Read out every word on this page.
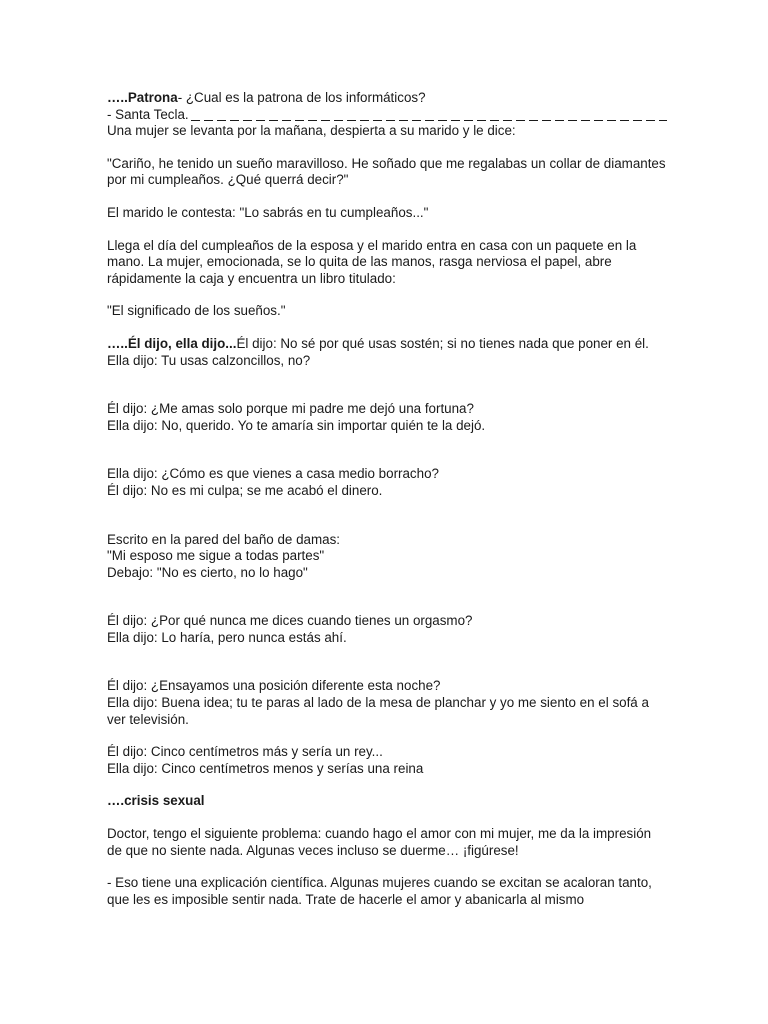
…..Patrona- ¿Cual es la patrona de los informáticos?

- Santa Tecla.

Una mujer se levanta por la mañana, despierta a su marido y le dice:

"Cariño, he tenido un sueño maravilloso. He soñado que me regalabas un collar de diamantes por mi cumpleaños. ¿Qué querrá decir?"

El marido le contesta: "Lo sabrás en tu cumpleaños..."

Llega el día del cumpleaños de la esposa y el marido entra en casa con un paquete en la mano. La mujer, emocionada, se lo quita de las manos, rasga nerviosa el papel, abre rápidamente la caja y encuentra un libro titulado:

"El significado de los sueños."

…..Él dijo, ella dijo...Él dijo: No sé por qué usas sostén; si no tienes nada que poner en él.

Ella dijo: Tu usas calzoncillos, no?

Él dijo: ¿Me amas solo porque mi padre me dejó una fortuna?

Ella dijo: No, querido. Yo te amaría sin importar quién te la dejó.

Ella dijo: ¿Cómo es que vienes a casa medio borracho?

Él dijo: No es mi culpa; se me acabó el dinero.

Escrito en la pared del baño de damas:

"Mi esposo me sigue a todas partes"

Debajo: "No es cierto, no lo hago"

Él dijo: ¿Por qué nunca me dices cuando tienes un orgasmo?

Ella dijo: Lo haría, pero nunca estás ahí.

Él dijo: ¿Ensayamos una posición diferente esta noche?

Ella dijo: Buena idea; tu te paras al lado de la mesa de planchar y yo me siento en el sofá a ver televisión.

Él dijo: Cinco centímetros más y sería un rey...

Ella dijo: Cinco centímetros menos y serías una reina

….crisis sexual

Doctor, tengo el siguiente problema: cuando hago el amor con mi mujer, me da la impresión de que no siente nada. Algunas veces incluso se duerme… ¡figúrese!

- Eso tiene una explicación científica. Algunas mujeres cuando se excitan se acaloran tanto, que les es imposible sentir nada. Trate de hacerle el amor y abanicarla al mismo
